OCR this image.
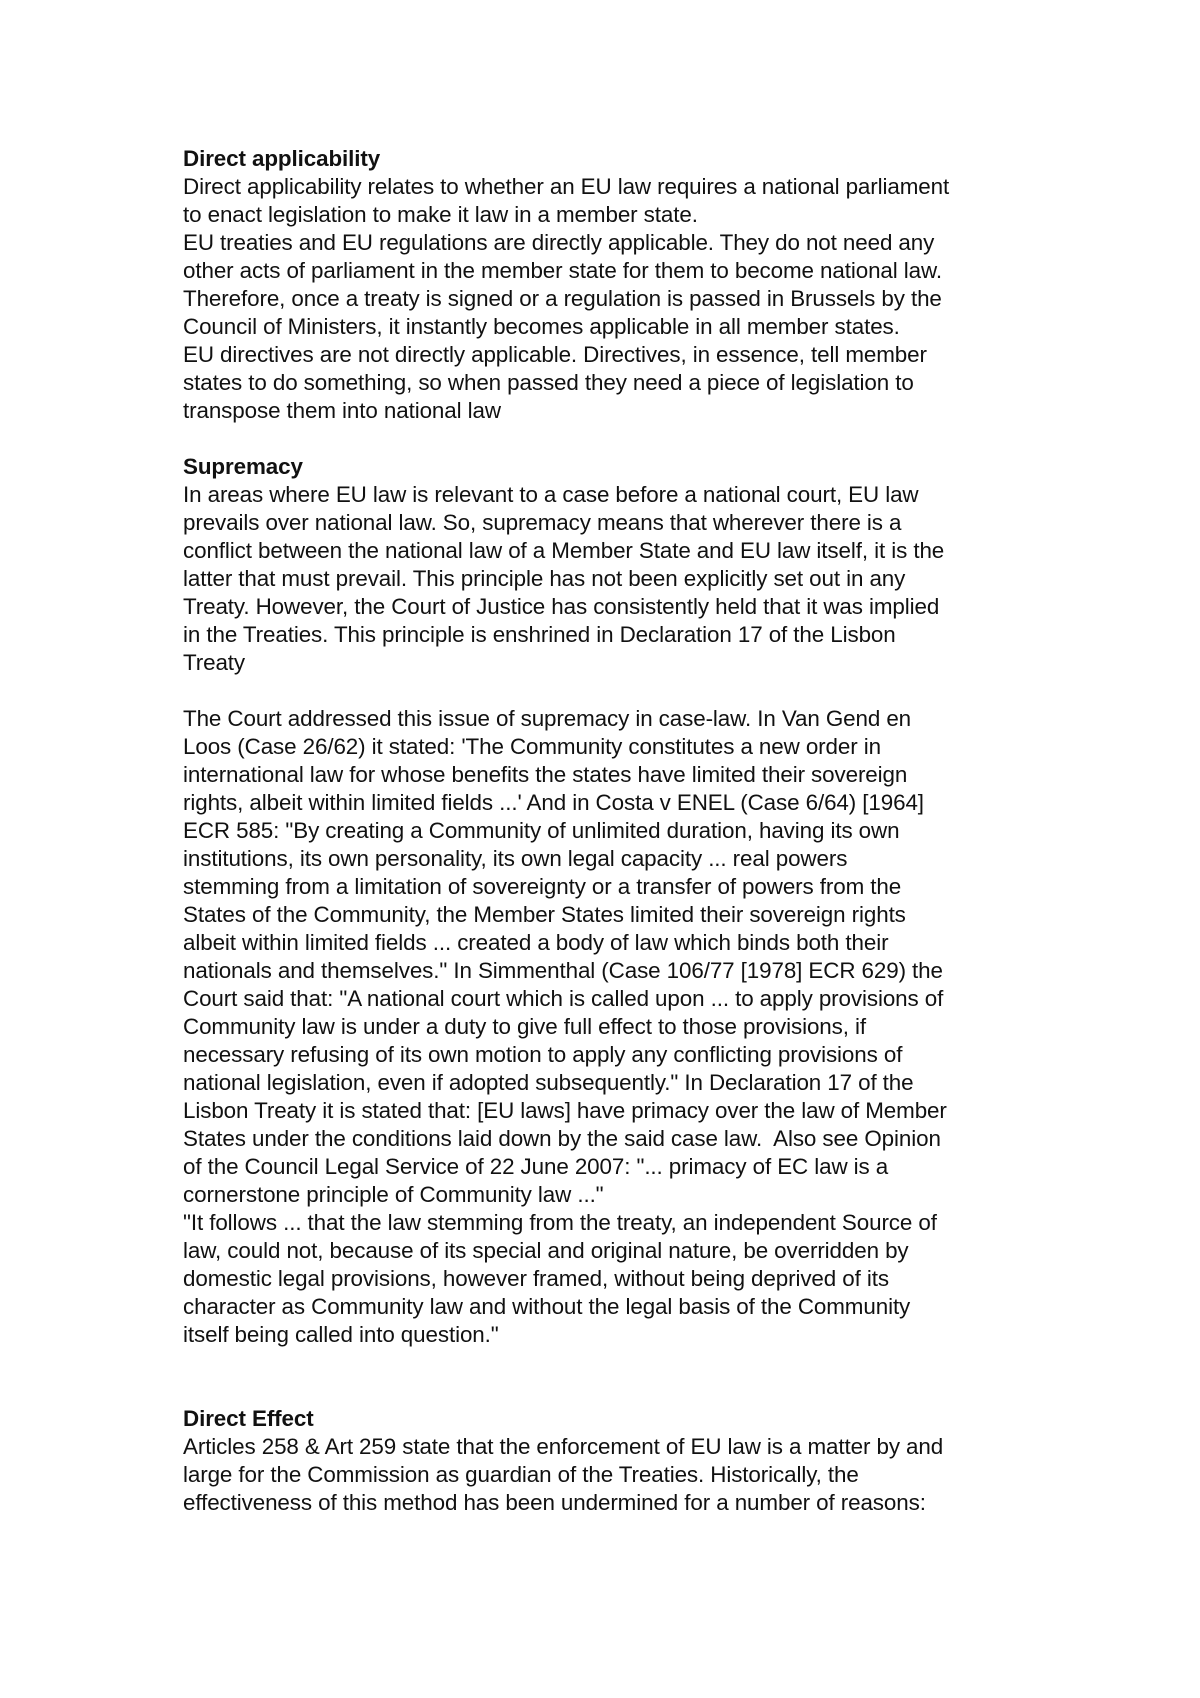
Direct applicability
Direct applicability relates to whether an EU law requires a national parliament
to enact legislation to make it law in a member state.
EU treaties and EU regulations are directly applicable. They do not need any
other acts of parliament in the member state for them to become national law.
Therefore, once a treaty is signed or a regulation is passed in Brussels by the
Council of Ministers, it instantly becomes applicable in all member states.
EU directives are not directly applicable. Directives, in essence, tell member
states to do something, so when passed they need a piece of legislation to
transpose them into national law
Supremacy
In areas where EU law is relevant to a case before a national court, EU law
prevails over national law. So, supremacy means that wherever there is a
conflict between the national law of a Member State and EU law itself, it is the
latter that must prevail. This principle has not been explicitly set out in any
Treaty. However, the Court of Justice has consistently held that it was implied
in the Treaties. This principle is enshrined in Declaration 17 of the Lisbon
Treaty
The Court addressed this issue of supremacy in case-law. In Van Gend en
Loos (Case 26/62) it stated: 'The Community constitutes a new order in
international law for whose benefits the states have limited their sovereign
rights, albeit within limited fields ...' And in Costa v ENEL (Case 6/64) [1964]
ECR 585: "By creating a Community of unlimited duration, having its own
institutions, its own personality, its own legal capacity ... real powers
stemming from a limitation of sovereignty or a transfer of powers from the
States of the Community, the Member States limited their sovereign rights
albeit within limited fields ... created a body of law which binds both their
nationals and themselves." In Simmenthal (Case 106/77 [1978] ECR 629) the
Court said that: "A national court which is called upon ... to apply provisions of
Community law is under a duty to give full effect to those provisions, if
necessary refusing of its own motion to apply any conflicting provisions of
national legislation, even if adopted subsequently." In Declaration 17 of the
Lisbon Treaty it is stated that: [EU laws] have primacy over the law of Member
States under the conditions laid down by the said case law.  Also see Opinion
of the Council Legal Service of 22 June 2007: "... primacy of EC law is a
cornerstone principle of Community law ..."
"It follows ... that the law stemming from the treaty, an independent Source of
law, could not, because of its special and original nature, be overridden by
domestic legal provisions, however framed, without being deprived of its
character as Community law and without the legal basis of the Community
itself being called into question."
Direct Effect
Articles 258 & Art 259 state that the enforcement of EU law is a matter by and
large for the Commission as guardian of the Treaties. Historically, the
effectiveness of this method has been undermined for a number of reasons:
